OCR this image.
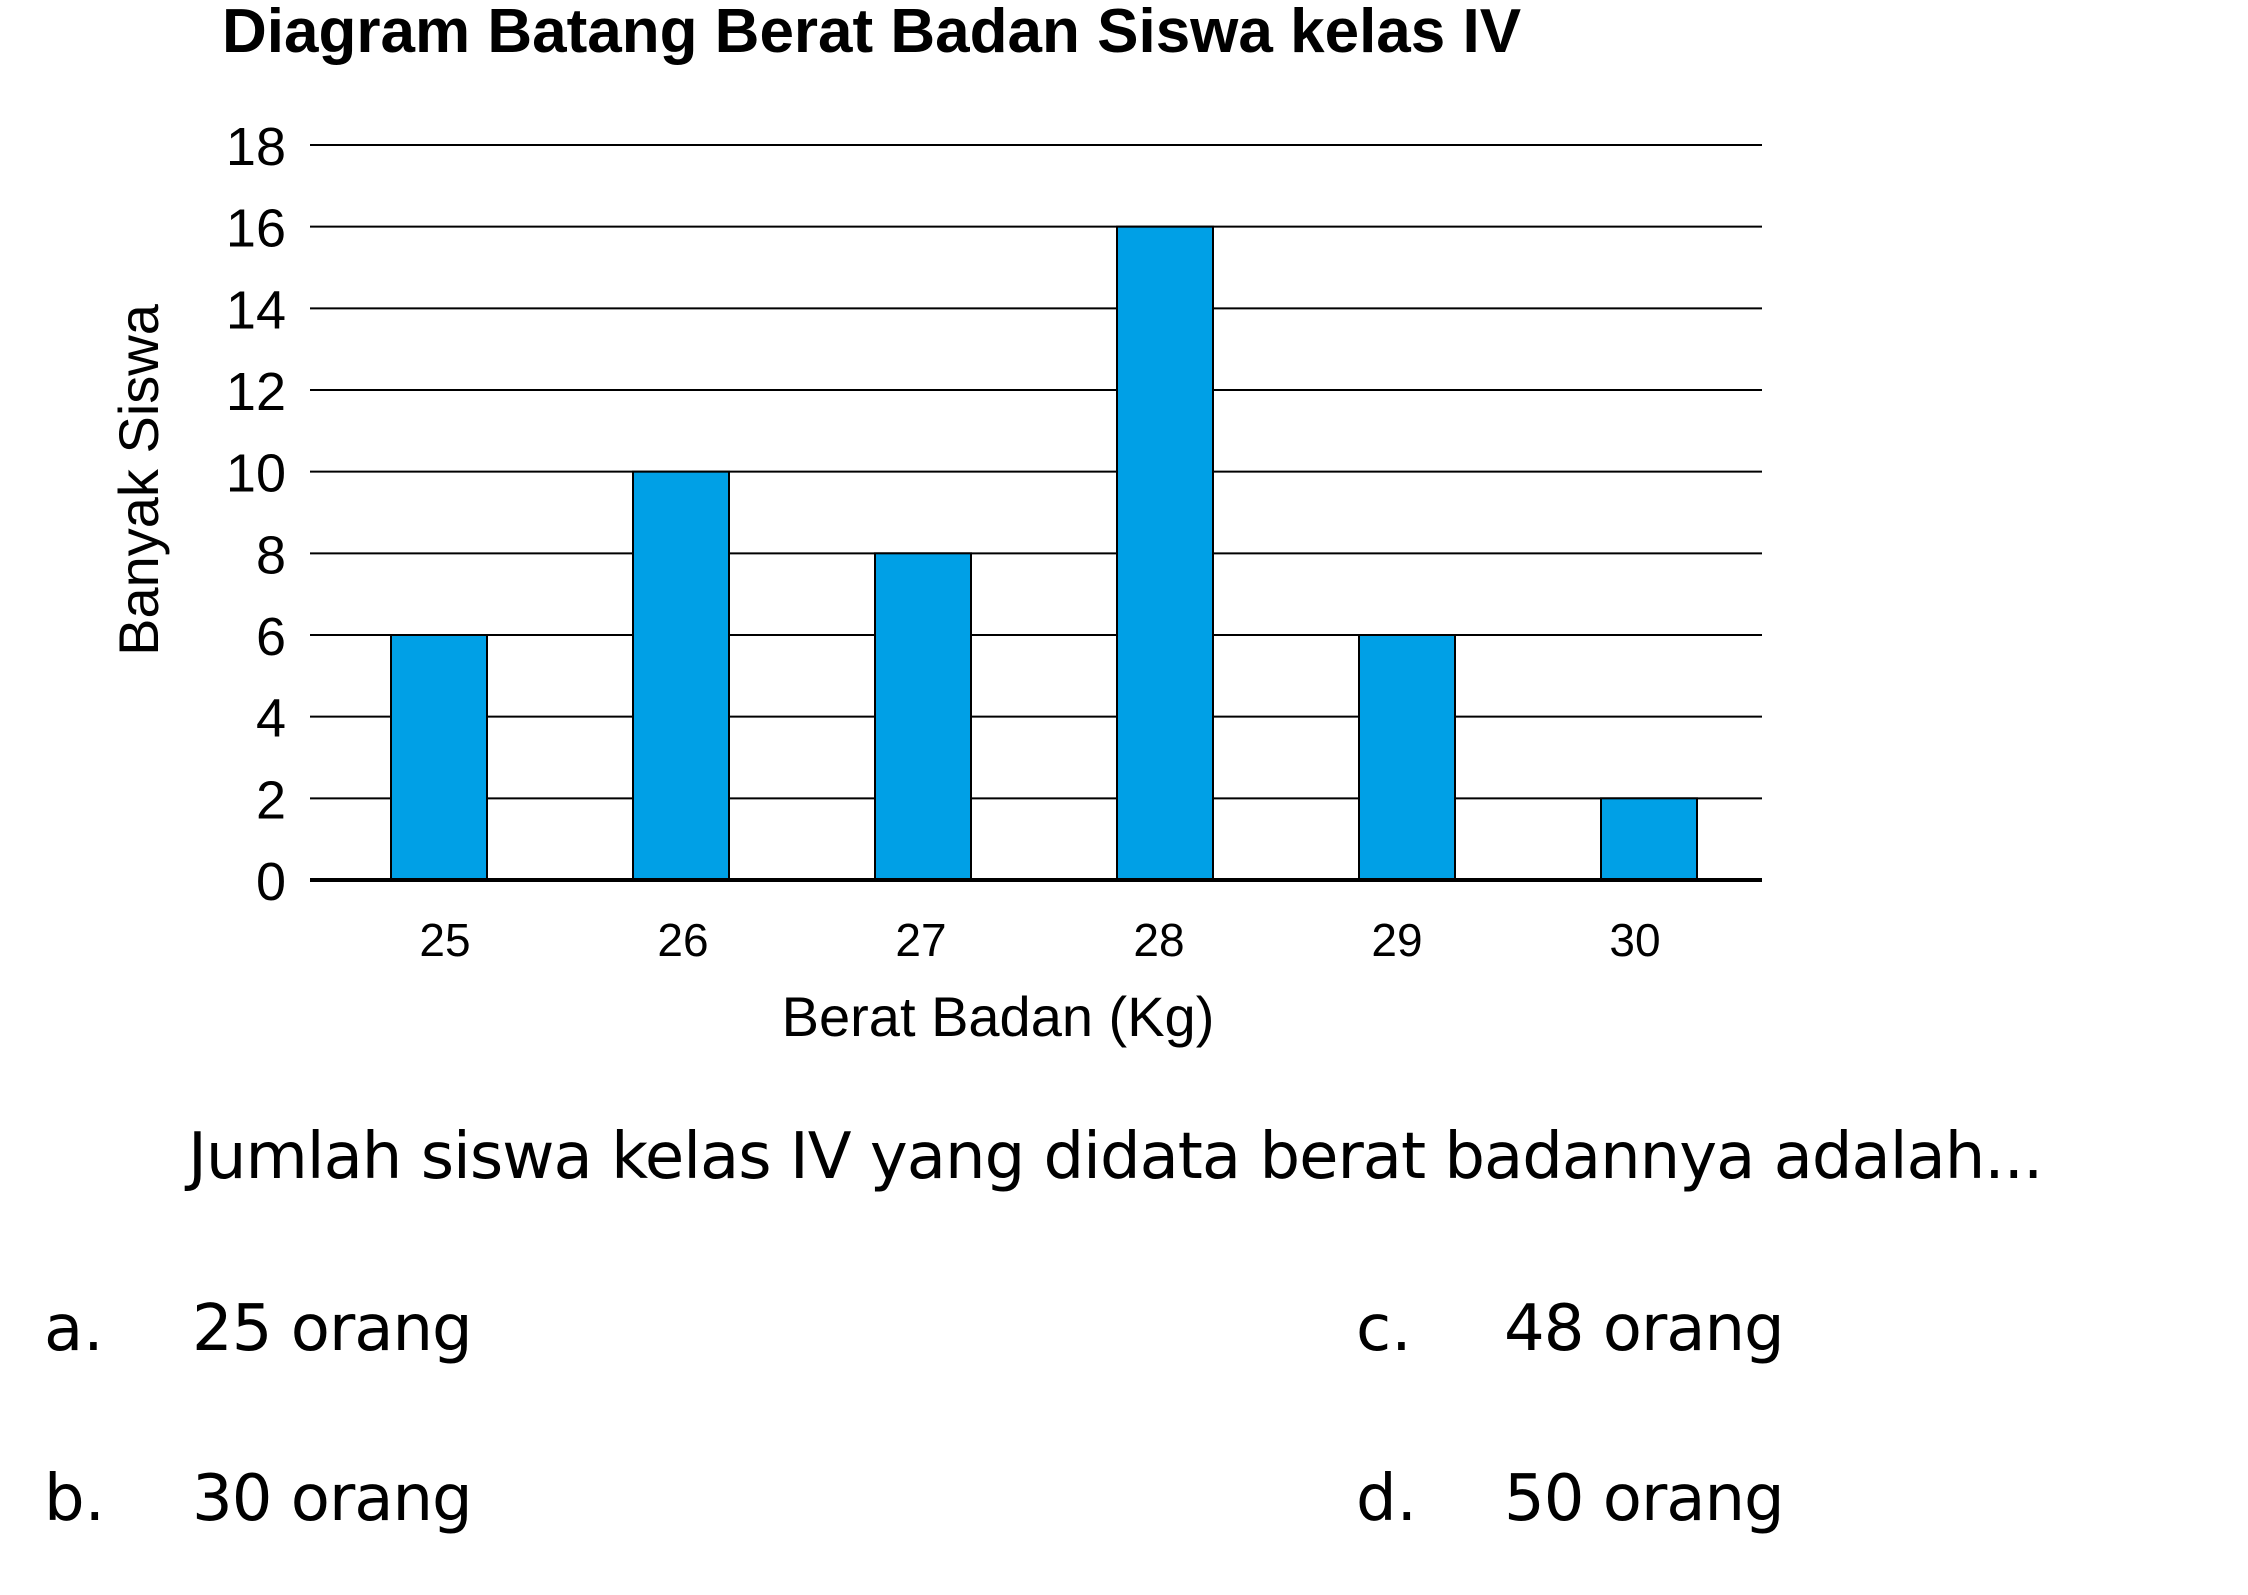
Diagram Batang Berat Badan Siswa kelas IV
0
2
4
6
8
10
12
14
16
18
25	26	27	28	29	30
Banyak Siswa
Berat Badan (Kg)
Jumlah siswa kelas IV yang didata berat badannya adalah...
a. 25 orang
b. 30 orang
c. 48 orang
d. 50 orang
